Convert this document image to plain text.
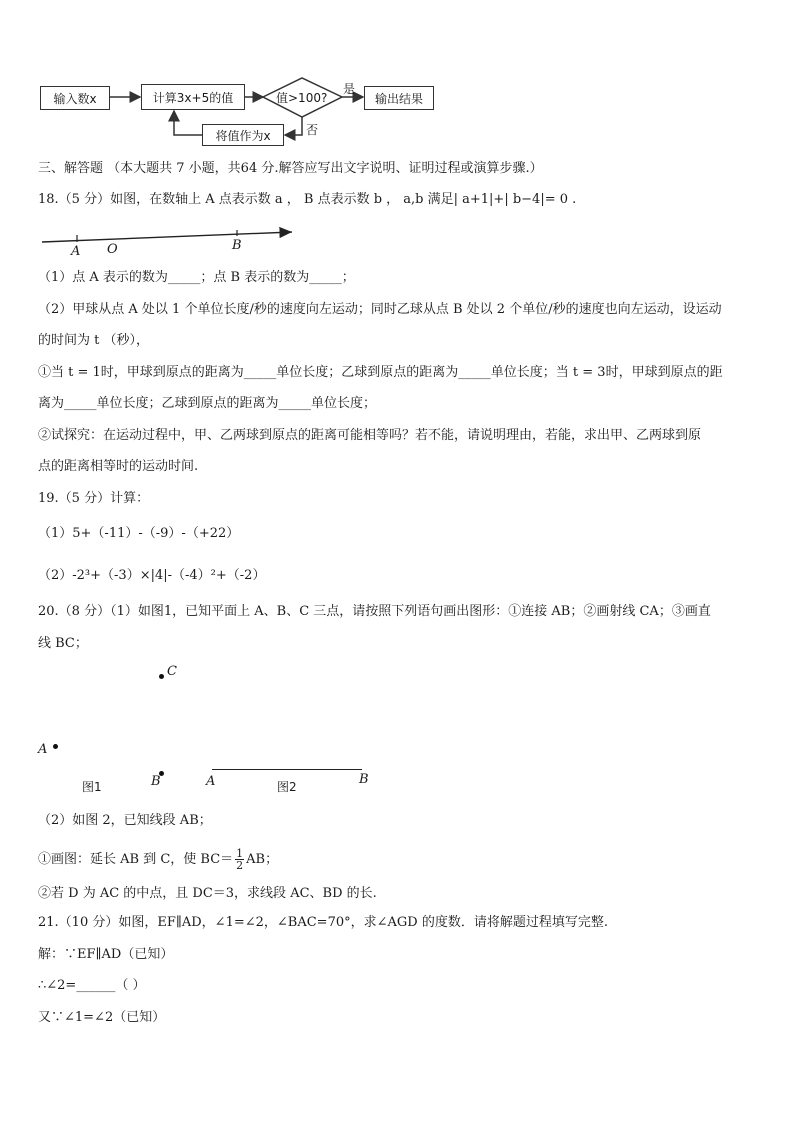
输入数x	计算3x+5的值	值>100?	输出结果
将值作为x
是
否
三、解答题 （本大题共 7 小题，共64 分.解答应写出文字说明、证明过程或演算步骤.）
18.（5 分）如图，在数轴上 A 点表示数 a ， B 点表示数 b ， a,b 满足| a+1|+| b−4|= 0 .
A O	B
（1）点 A 表示的数为_____；点 B 表示的数为_____；
（2）甲球从点 A 处以 1 个单位长度/秒的速度向左运动；同时乙球从点 B 处以 2 个单位/秒的速度也向左运动，设运动
的时间为 t （秒），
①当 t = 1时，甲球到原点的距离为_____单位长度；乙球到原点的距离为_____单位长度；当 t = 3时，甲球到原点的距
离为_____单位长度；乙球到原点的距离为_____单位长度；
②试探究：在运动过程中，甲、乙两球到原点的距离可能相等吗？若不能，请说明理由，若能，求出甲、乙两球到原
点的距离相等时的运动时间.
19.（5 分）计算：
（1）5+（-11）-（-9）-（+22）
（2）-2³+（-3）×|4|-（-4）²+（-2）
20.（8 分）（1）如图1，已知平面上 A、B、C 三点，请按照下列语句画出图形：①连接 AB；②画射线 CA；③画直
线 BC；
C
A
B
图1	A	B
图2
（2）如图 2，已知线段 AB；
①画图：延长 AB 到 C，使 $BC= \frac{1}{2}$ AB；
②若 D 为 AC 的中点，且 DC＝3，求线段 AC、BD 的长.
21.（10 分）如图，EF∥AD，∠1=∠2，∠BAC=70°，求∠AGD 的度数．请将解题过程填写完整.
解：∵EF∥AD（已知）
∴∠2=______（ ）
又∵∠1=∠2（已知）
